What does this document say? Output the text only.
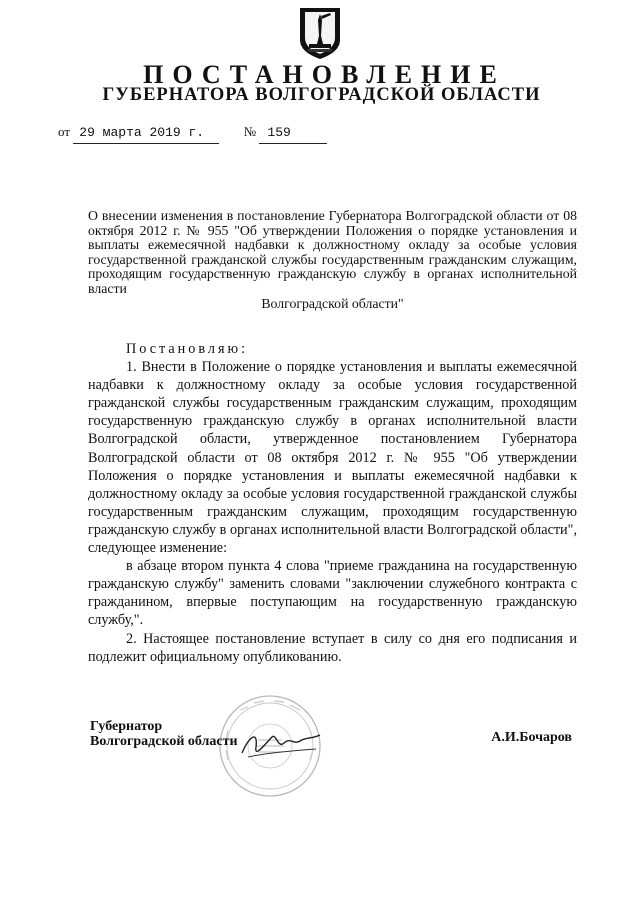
ПОСТАНОВЛЕНИЕ
ГУБЕРНАТОРА ВОЛГОГРАДСКОЙ ОБЛАСТИ
от 29 марта 2019 г.	№ 159
О внесении изменения в постановление Губернатора Волгоградской области от 08 октября 2012 г. № 955 "Об утверждении Положения о порядке установления и выплаты ежемесячной надбавки к должностному окладу за особые условия государственной гражданской службы государственным гражданским служащим, проходящим государственную гражданскую службу в органах исполнительной власти
Волгоградской области"

Постановляю:

1. Внести в Положение о порядке установления и выплаты ежемесячной надбавки к должностному окладу за особые условия государственной гражданской службы государственным гражданским служащим, проходящим государственную гражданскую службу в органах исполнительной власти Волгоградской области, утвержденное постановлением Губернатора Волгоградской области от 08 октября 2012 г. № 955 "Об утверждении Положения о порядке установления и выплаты ежемесячной надбавки к должностному окладу за особые условия государственной гражданской службы государственным гражданским служащим, проходящим государственную гражданскую службу в органах исполнительной власти Волгоградской области", следующее изменение:

в абзаце втором пункта 4 слова "приеме гражданина на государственную гражданскую службу" заменить словами "заключении служебного контракта с гражданином, впервые поступающим на государственную гражданскую службу,".

2. Настоящее постановление вступает в силу со дня его подписания и подлежит официальному опубликованию.

Губернатор
Волгоградской области	А.И.Бочаров
